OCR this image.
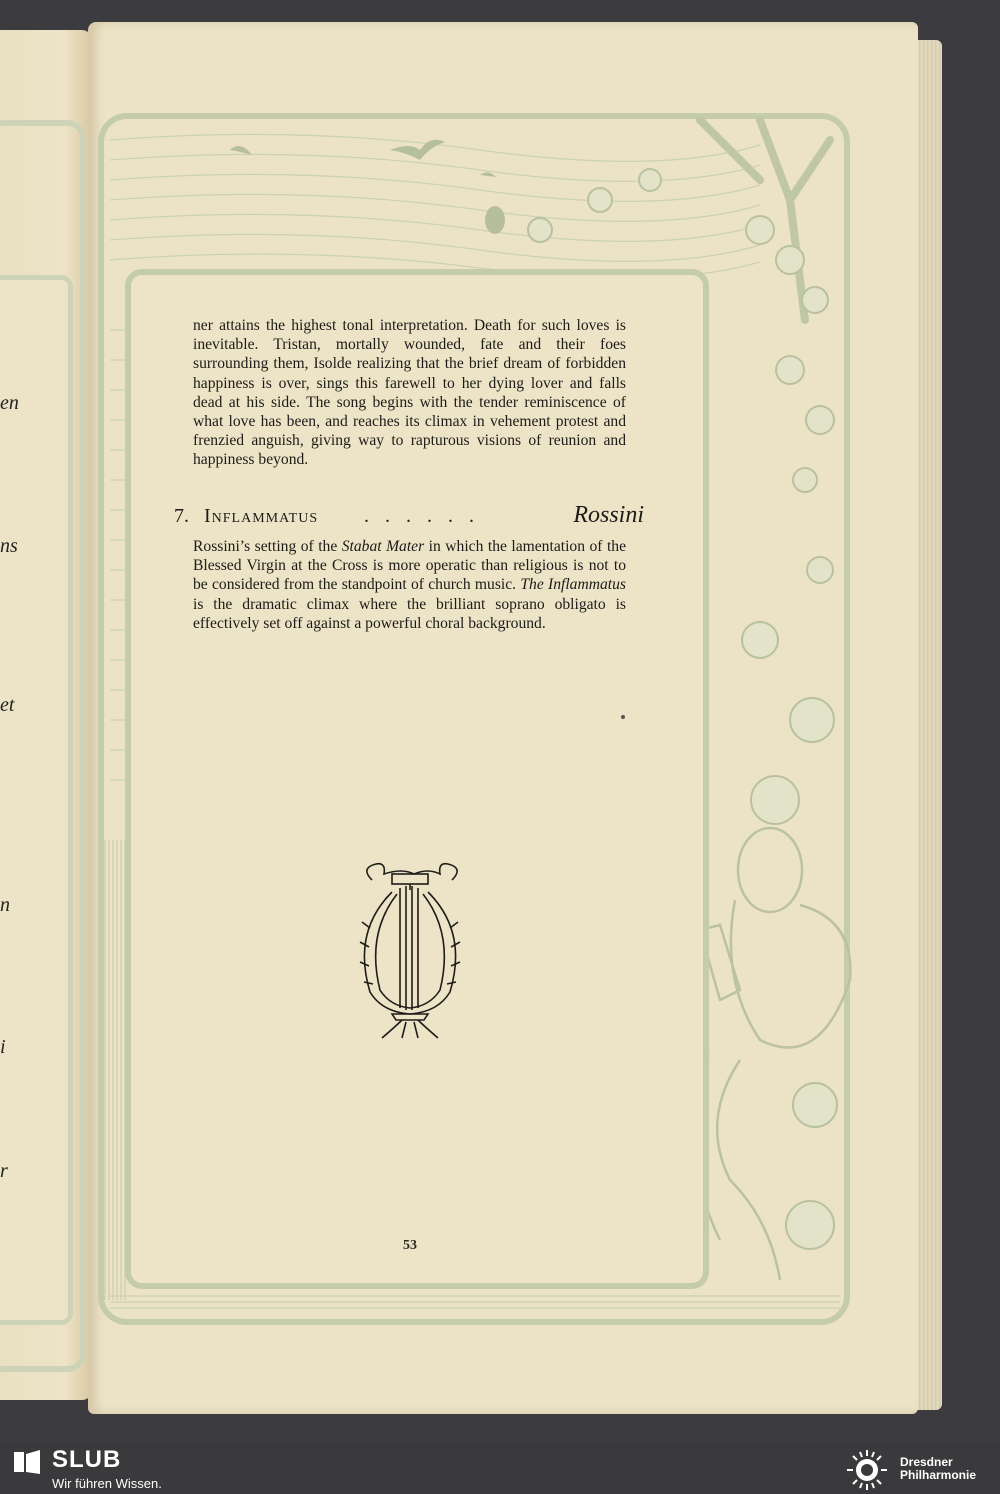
en
ns
et
n
i
r

ner attains the highest tonal interpretation. Death for such loves is inevitable. Tristan, mortally wounded, fate and their foes surrounding them, Isolde realizing that the brief dream of forbidden happiness is over, sings this farewell to her dying lover and falls dead at his side. The song begins with the tender reminiscence of what love has been, and reaches its climax in vehement protest and frenzied anguish, giving way to rapturous visions of reunion and happiness beyond.

7. Inflammatus ......	Rossini

Rossini’s setting of the Stabat Mater in which the lamentation of the Blessed Virgin at the Cross is more operatic than religious is not to be considered from the standpoint of church music. The Inflammatus is the dramatic climax where the brilliant soprano obligato is effectively set off against a powerful choral background.

53
SLUB
Wir führen Wissen.
Dresdner
Philharmonie
